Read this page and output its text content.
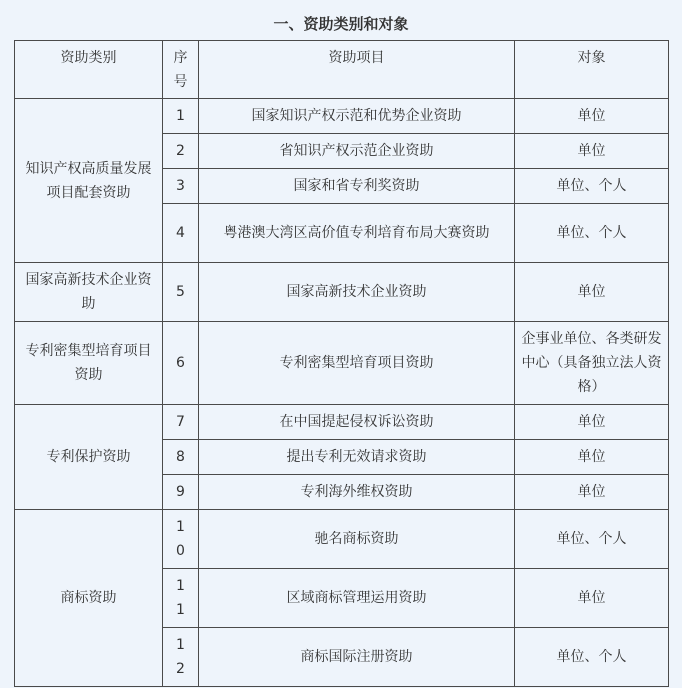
一、资助类别和对象
资助类别	序号	资助项目	对象

知识产权高质量发展项目配套资助	1	国家知识产权示范和优势企业资助	单位

	2	省知识产权示范企业资助	单位

	3	国家和省专利奖资助	单位、个人

	4	粤港澳大湾区高价值专利培育布局大赛资助	单位、个人

国家高新技术企业资助	5	国家高新技术企业资助	单位

专利密集型培育项目资助	6	专利密集型培育项目资助	企事业单位、各类研发中心（具备独立法人资格）

专利保护资助	7	在中国提起侵权诉讼资助	单位

	8	提出专利无效请求资助	单位

	9	专利海外维权资助	单位

商标资助	10	驰名商标资助	单位、个人

	11	区域商标管理运用资助	单位

	12	商标国际注册资助	单位、个人
